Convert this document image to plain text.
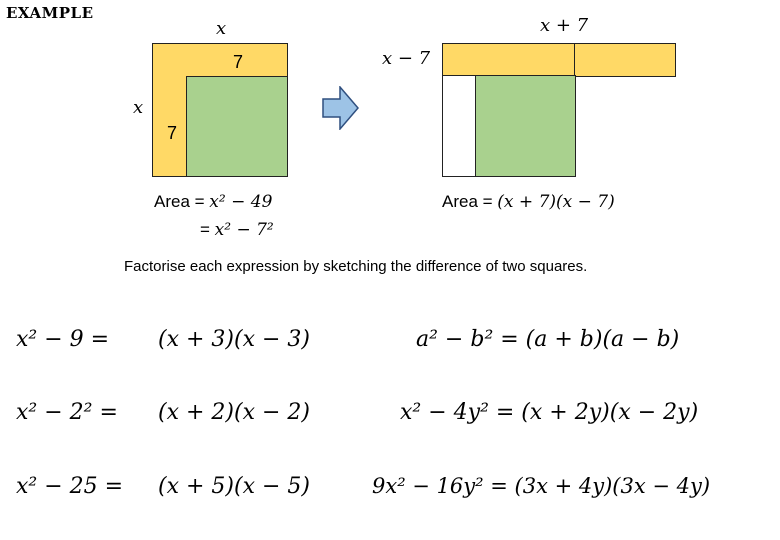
EXAMPLE
x
x
7
7
Area = x² − 49
= x² − 7²
x + 7
x − 7
Area = (x + 7)(x − 7)
Factorise each expression by sketching the difference of two squares.
x² − 9 = (x + 3)(x − 3)
x² − 2² = (x + 2)(x − 2)
x² − 25 = (x + 5)(x − 5)
a² − b² = (a + b)(a − b)
x² − 4y² = (x + 2y)(x − 2y)
9x² − 16y² = (3x + 4y)(3x − 4y)
